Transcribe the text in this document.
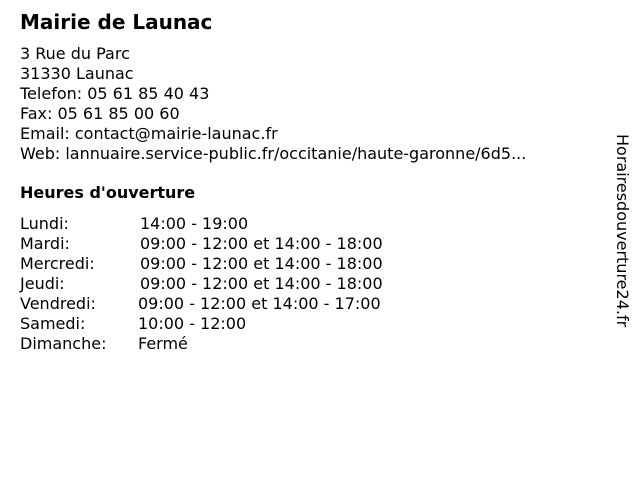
Mairie de Launac
3 Rue du Parc
31330 Launac
Telefon: 05 61 85 40 43
Fax: 05 61 85 00 60
Email: contact@mairie-launac.fr
Web: lannuaire.service-public.fr/occitanie/haute-garonne/6d5...
Heures d'ouverture
Lundi:	14:00 - 19:00
Mardi:	09:00 - 12:00 et 14:00 - 18:00
Mercredi:	09:00 - 12:00 et 14:00 - 18:00
Jeudi:	09:00 - 12:00 et 14:00 - 18:00
Vendredi:	09:00 - 12:00 et 14:00 - 17:00
Samedi:	10:00 - 12:00
Dimanche: Fermé
Horairesdouverture24.fr
